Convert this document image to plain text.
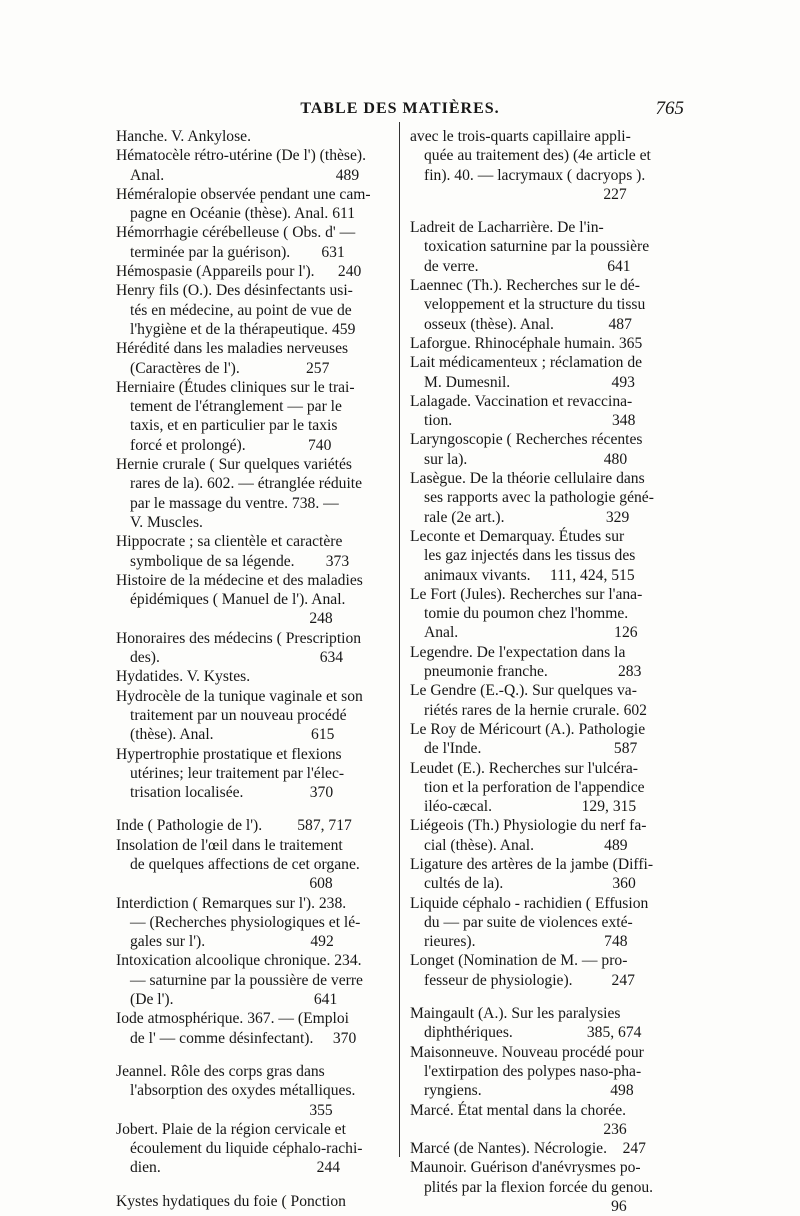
TABLE DES MATIÈRES.	765
Hanche. V. Ankylose.
Hématocèle rétro-utérine (De l') (thèse).
Anal.                                            489
Héméralopie observée pendant une cam-
pagne en Océanie (thèse). Anal. 611
Hémorrhagie cérébelleuse ( Obs. d' —
terminée par la guérison).        631
Hémospasie (Appareils pour l').      240
Henry fils (O.). Des désinfectants usi-
tés en médecine, au point de vue de
l'hygiène et de la thérapeutique. 459
Hérédité dans les maladies nerveuses
(Caractères de l').                 257
Herniaire (Études cliniques sur le trai-
tement de l'étranglement — par le
taxis, et en particulier par le taxis
forcé et prolongé).                740
Hernie crurale ( Sur quelques variétés
rares de la). 602. — étranglée réduite
par le massage du ventre. 738. —
V. Muscles.
Hippocrate ; sa clientèle et caractère
symbolique de sa légende.        373
Histoire de la médecine et des maladies
épidémiques ( Manuel de l'). Anal.
248
Honoraires des médecins ( Prescription
des).                                         634
Hydatides. V. Kystes.
Hydrocèle de la tunique vaginale et son
traitement par un nouveau procédé
(thèse). Anal.                         615
Hypertrophie prostatique et flexions
utérines; leur traitement par l'élec-
trisation localisée.                 370
Inde ( Pathologie de l').         587, 717
Insolation de l'œil dans le traitement
de quelques affections de cet organe.
608
Interdiction ( Remarques sur l'). 238.
— (Recherches physiologiques et lé-
gales sur l').                           492
Intoxication alcoolique chronique. 234.
— saturnine par la poussière de verre
(De l').                                    641
Iode atmosphérique. 367. — (Emploi
de l' — comme désinfectant).     370
Jeannel. Rôle des corps gras dans
l'absorption des oxydes métalliques.
355
Jobert. Plaie de la région cervicale et
écoulement du liquide céphalo-rachi-
dien.                                        244
Kystes hydatiques du foie ( Ponction
avec le trois-quarts capillaire appli-
quée au traitement des) (4e article et
fin). 40. — lacrymaux ( dacryops ).
227
Ladreit de Lacharrière. De l'in-
toxication saturnine par la poussière
de verre.                                 641
Laennec (Th.). Recherches sur le dé-
veloppement et la structure du tissu
osseux (thèse). Anal.              487
Laforgue. Rhinocéphale humain. 365
Lait médicamenteux ; réclamation de
M. Dumesnil.                          493
Lalagade. Vaccination et revaccina-
tion.                                         348
Laryngoscopie ( Recherches récentes
sur la).                                   480
Lasègue. De la théorie cellulaire dans
ses rapports avec la pathologie géné-
rale (2e art.).                          329
Leconte et Demarquay. Études sur
les gaz injectés dans les tissus des
animaux vivants.     111, 424, 515
Le Fort (Jules). Recherches sur l'ana-
tomie du poumon chez l'homme.
Anal.                                        126
Legendre. De l'expectation dans la
pneumonie franche.                  283
Le Gendre (E.-Q.). Sur quelques va-
riétés rares de la hernie crurale. 602
Le Roy de Méricourt (A.). Pathologie
de l'Inde.                                  587
Leudet (E.). Recherches sur l'ulcéra-
tion et la perforation de l'appendice
iléo-cæcal.                       129, 315
Liégeois (Th.) Physiologie du nerf fa-
cial (thèse). Anal.                  489
Ligature des artères de la jambe (Diffi-
cultés de la).                            360
Liquide céphalo - rachidien ( Effusion
du — par suite de violences exté-
rieures).                                 748
Longet (Nomination de M. — pro-
fesseur de physiologie).          247
Maingault (A.). Sur les paralysies
diphthériques.                   385, 674
Maisonneuve. Nouveau procédé pour
l'extirpation des polypes naso-pha-
ryngiens.                                 498
Marcé. État mental dans la chorée.
236
Marcé (de Nantes). Nécrologie.    247
Maunoir. Guérison d'anévrysmes po-
plités par la flexion forcée du genou.
96
